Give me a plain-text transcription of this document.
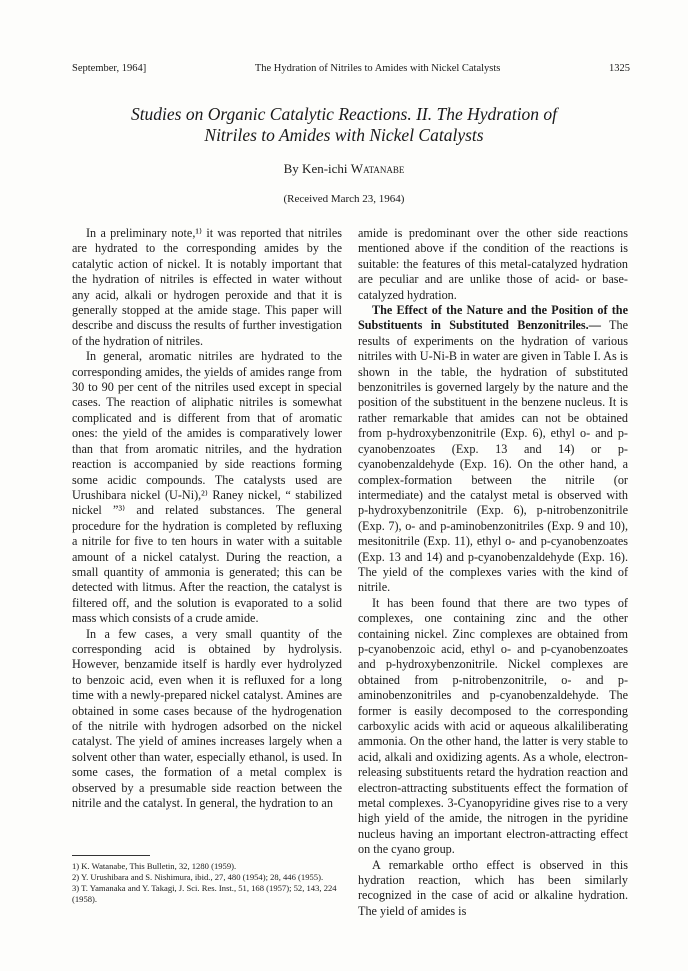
September, 1964]	The Hydration of Nitriles to Amides with Nickel Catalysts	1325
Studies on Organic Catalytic Reactions. II. The Hydration of
Nitriles to Amides with Nickel Catalysts
By Ken-ichi Watanabe
(Received March 23, 1964)

In a preliminary note,¹⁾ it was reported that nitriles are hydrated to the corresponding amides by the catalytic action of nickel. It is notably important that the hydration of nitriles is effected in water without any acid, alkali or hydrogen peroxide and that it is generally stopped at the amide stage. This paper will describe and discuss the results of further investigation of the hydration of nitriles.

In general, aromatic nitriles are hydrated to the corresponding amides, the yields of amides range from 30 to 90 per cent of the nitriles used except in special cases. The reaction of aliphatic nitriles is somewhat complicated and is different from that of aromatic ones: the yield of the amides is comparatively lower than that from aromatic nitriles, and the hydration reaction is accompanied by side reactions forming some acidic compounds. The catalysts used are Urushibara nickel (U-Ni),²⁾ Raney nickel, “ stabilized nickel ”³⁾ and related substances. The general procedure for the hydration is completed by refluxing a nitrile for five to ten hours in water with a suitable amount of a nickel catalyst. During the reaction, a small quantity of ammonia is generated; this can be detected with litmus. After the reaction, the catalyst is filtered off, and the solution is evaporated to a solid mass which consists of a crude amide.

In a few cases, a very small quantity of the corresponding acid is obtained by hydrolysis. However, benzamide itself is hardly ever hydrolyzed to benzoic acid, even when it is refluxed for a long time with a newly-prepared nickel catalyst. Amines are obtained in some cases because of the hydrogenation of the nitrile with hydrogen adsorbed on the nickel catalyst. The yield of amines increases largely when a solvent other than water, especially ethanol, is used. In some cases, the formation of a metal complex is observed by a presumable side reaction between the nitrile and the catalyst. In general, the hydration to an

amide is predominant over the other side reactions mentioned above if the condition of the reactions is suitable: the features of this metal-catalyzed hydration are peculiar and are unlike those of acid- or base-catalyzed hydration.

The Effect of the Nature and the Position of the Substituents in Substituted Benzonitriles.— The results of experiments on the hydration of various nitriles with U-Ni-B in water are given in Table I. As is shown in the table, the hydration of substituted benzonitriles is governed largely by the nature and the position of the substituent in the benzene nucleus. It is rather remarkable that amides can not be obtained from p-hydroxybenzonitrile (Exp. 6), ethyl o- and p-cyanobenzoates (Exp. 13 and 14) or p-cyanobenzaldehyde (Exp. 16). On the other hand, a complex-formation between the nitrile (or intermediate) and the catalyst metal is observed with p-hydroxybenzonitrile (Exp. 6), p-nitrobenzonitrile (Exp. 7), o- and p-aminobenzonitriles (Exp. 9 and 10), mesitonitrile (Exp. 11), ethyl o- and p-cyanobenzoates (Exp. 13 and 14) and p-cyanobenzaldehyde (Exp. 16). The yield of the complexes varies with the kind of nitrile.

It has been found that there are two types of complexes, one containing zinc and the other containing nickel. Zinc complexes are obtained from p-cyanobenzoic acid, ethyl o- and p-cyanobenzoates and p-hydroxybenzonitrile. Nickel complexes are obtained from p-nitrobenzonitrile, o- and p-aminobenzonitriles and p-cyanobenzaldehyde. The former is easily decomposed to the corresponding carboxylic acids with acid or aqueous alkaliliberating ammonia. On the other hand, the latter is very stable to acid, alkali and oxidizing agents. As a whole, electron-releasing substituents retard the hydration reaction and electron-attracting substituents effect the formation of metal complexes. 3-Cyanopyridine gives rise to a very high yield of the amide, the nitrogen in the pyridine nucleus having an important electron-attracting effect on the cyano group.

A remarkable ortho effect is observed in this hydration reaction, which has been similarly recognized in the case of acid or alkaline hydration. The yield of amides is

1) K. Watanabe, This Bulletin, 32, 1280 (1959).
2) Y. Urushibara and S. Nishimura, ibid., 27, 480 (1954); 28, 446 (1955).
3) T. Yamanaka and Y. Takagi, J. Sci. Res. Inst., 51, 168 (1957); 52, 143, 224 (1958).
